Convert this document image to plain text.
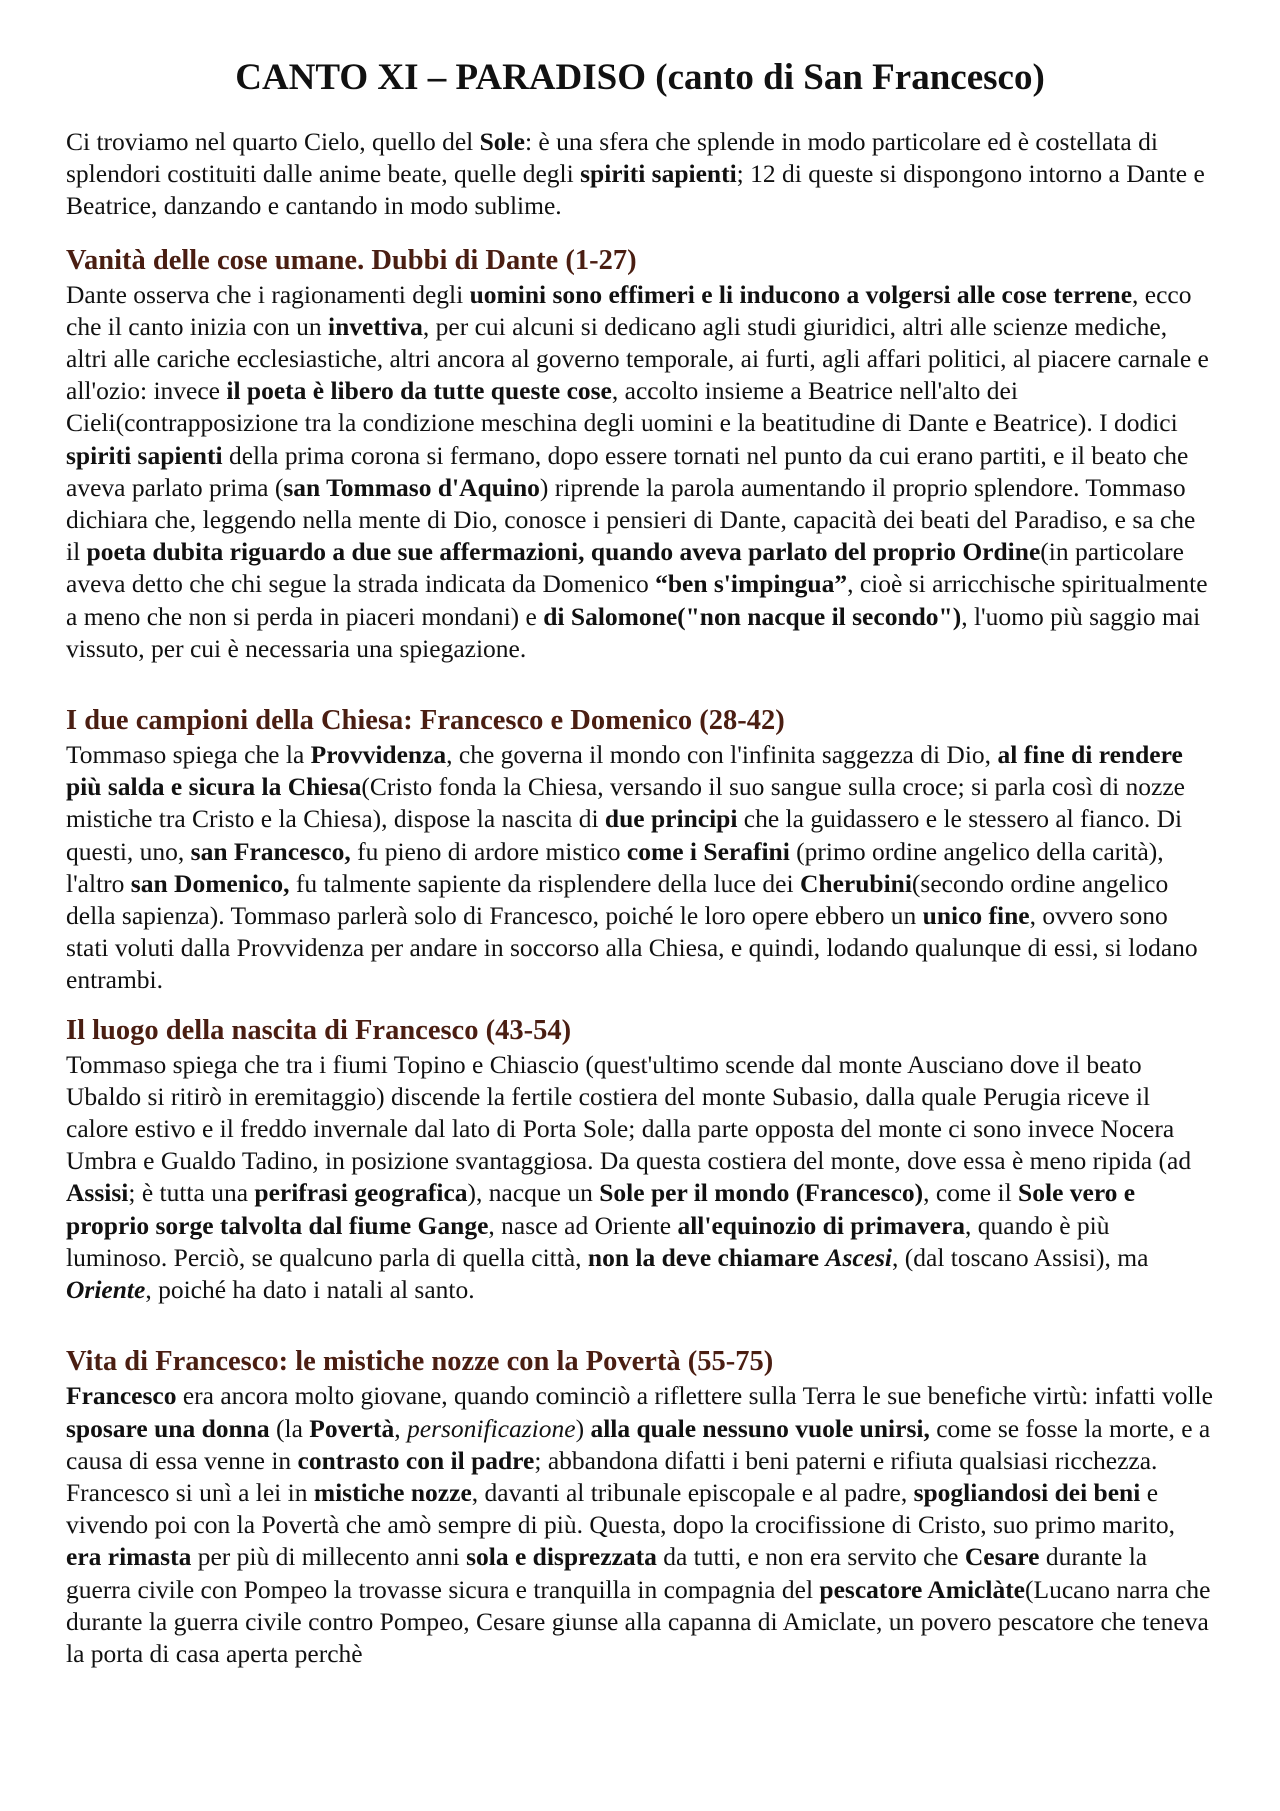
CANTO XI – PARADISO (canto di San Francesco)

Ci troviamo nel quarto Cielo, quello del Sole: è una sfera che splende in modo particolare ed è costellata di splendori costituiti dalle anime beate, quelle degli spiriti sapienti; 12 di queste si dispongono intorno a Dante e Beatrice, danzando e cantando in modo sublime.

Vanità delle cose umane. Dubbi di Dante (1-27)

Dante osserva che i ragionamenti degli uomini sono effimeri e li inducono a volgersi alle cose terrene, ecco che il canto inizia con un invettiva, per cui alcuni si dedicano agli studi giuridici, altri alle scienze mediche, altri alle cariche ecclesiastiche, altri ancora al governo temporale, ai furti, agli affari politici, al piacere carnale e all'ozio: invece il poeta è libero da tutte queste cose, accolto insieme a Beatrice nell'alto dei Cieli(contrapposizione tra la condizione meschina degli uomini e la beatitudine di Dante e Beatrice). I dodici spiriti sapienti della prima corona si fermano, dopo essere tornati nel punto da cui erano partiti, e il beato che aveva parlato prima (san Tommaso d'Aquino) riprende la parola aumentando il proprio splendore. Tommaso dichiara che, leggendo nella mente di Dio, conosce i pensieri di Dante, capacità dei beati del Paradiso, e sa che il poeta dubita riguardo a due sue affermazioni, quando aveva parlato del proprio Ordine(in particolare aveva detto che chi segue la strada indicata da Domenico “ben s'impingua”, cioè si arricchische spiritualmente a meno che non si perda in piaceri mondani) e di Salomone("non nacque il secondo"), l'uomo più saggio mai vissuto, per cui è necessaria una spiegazione.

I due campioni della Chiesa: Francesco e Domenico (28-42)

Tommaso spiega che la Provvidenza, che governa il mondo con l'infinita saggezza di Dio, al fine di rendere più salda e sicura la Chiesa(Cristo fonda la Chiesa, versando il suo sangue sulla croce; si parla così di nozze mistiche tra Cristo e la Chiesa), dispose la nascita di due principi che la guidassero e le stessero al fianco. Di questi, uno, san Francesco, fu pieno di ardore mistico come i Serafini (primo ordine angelico della carità), l'altro san Domenico, fu talmente sapiente da risplendere della luce dei Cherubini(secondo ordine angelico della sapienza). Tommaso parlerà solo di Francesco, poiché le loro opere ebbero un unico fine, ovvero sono stati voluti dalla Provvidenza per andare in soccorso alla Chiesa, e quindi, lodando qualunque di essi, si lodano entrambi.

Il luogo della nascita di Francesco (43-54)

Tommaso spiega che tra i fiumi Topino e Chiascio (quest'ultimo scende dal monte Ausciano dove il beato Ubaldo si ritirò in eremitaggio) discende la fertile costiera del monte Subasio, dalla quale Perugia riceve il calore estivo e il freddo invernale dal lato di Porta Sole; dalla parte opposta del monte ci sono invece Nocera Umbra e Gualdo Tadino, in posizione svantaggiosa. Da questa costiera del monte, dove essa è meno ripida (ad Assisi; è tutta una perifrasi geografica), nacque un Sole per il mondo (Francesco), come il Sole vero e proprio sorge talvolta dal fiume Gange, nasce ad Oriente all'equinozio di primavera, quando è più luminoso. Perciò, se qualcuno parla di quella città, non la deve chiamare Ascesi, (dal toscano Assisi), ma Oriente, poiché ha dato i natali al santo.

Vita di Francesco: le mistiche nozze con la Povertà (55-75)

Francesco era ancora molto giovane, quando cominciò a riflettere sulla Terra le sue benefiche virtù: infatti volle sposare una donna (la Povertà, personificazione) alla quale nessuno vuole unirsi, come se fosse la morte, e a causa di essa venne in contrasto con il padre; abbandona difatti i beni paterni e rifiuta qualsiasi ricchezza. Francesco si unì a lei in mistiche nozze, davanti al tribunale episcopale e al padre, spogliandosi dei beni e vivendo poi con la Povertà che amò sempre di più. Questa, dopo la crocifissione di Cristo, suo primo marito, era rimasta per più di millecento anni sola e disprezzata da tutti, e non era servito che Cesare durante la guerra civile con Pompeo la trovasse sicura e tranquilla in compagnia del pescatore Amiclàte(Lucano narra che durante la guerra civile contro Pompeo, Cesare giunse alla capanna di Amiclate, un povero pescatore che teneva la porta di casa aperta perchè
